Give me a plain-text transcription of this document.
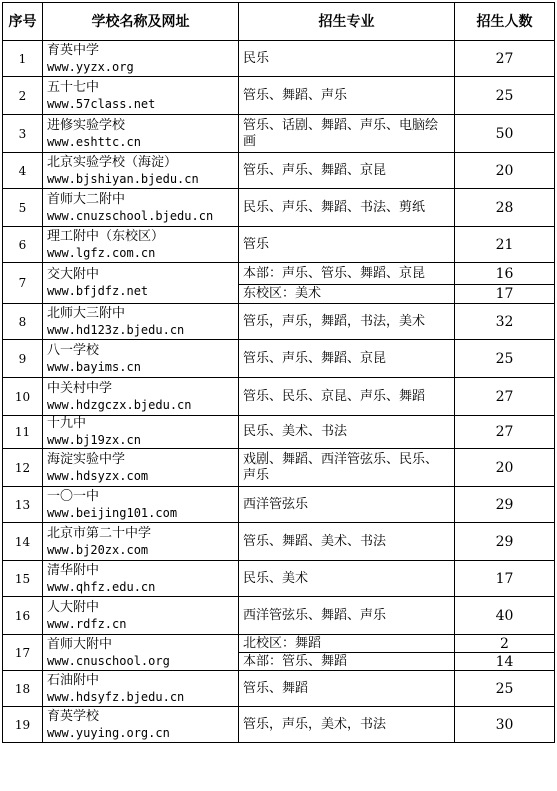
序号	学校名称及网址	招生专业	招生人数
1	育英中学
www.yyzx.org	民乐	27
2	五十七中
www.57class.net	管乐、舞蹈、声乐	25
3	进修实验学校
www.eshttc.cn	管乐、话剧、舞蹈、声乐、电脑绘画	50
4	北京实验学校（海淀）
www.bjshiyan.bjedu.cn	管乐、声乐、舞蹈、京昆	20
5	首师大二附中
www.cnuzschool.bjedu.cn	民乐、声乐、舞蹈、书法、剪纸	28
6	理工附中（东校区）
www.lgfz.com.cn	管乐	21
7	交大附中
www.bfjdfz.net	本部：声乐、管乐、舞蹈、京昆	16
		东校区：美术	17
8	北师大三附中
www.hd123z.bjedu.cn	管乐，声乐，舞蹈，书法，美术	32
9	八一学校
www.bayims.cn	管乐、声乐、舞蹈、京昆	25
10	中关村中学
www.hdzgczx.bjedu.cn	管乐、民乐、京昆、声乐、舞蹈	27
11	十九中
www.bj19zx.cn	民乐、美术、书法	27
12	海淀实验中学
www.hdsyzx.com	戏剧、舞蹈、西洋管弦乐、民乐、声乐	20
13	一〇一中
www.beijing101.com	西洋管弦乐	29
14	北京市第二十中学
www.bj20zx.com	管乐、舞蹈、美术、书法	29
15	清华附中
www.qhfz.edu.cn	民乐、美术	17
16	人大附中
www.rdfz.cn	西洋管弦乐、舞蹈、声乐	40
17	首师大附中
www.cnuschool.org	北校区：舞蹈	2
		本部：管乐、舞蹈	14
18	石油附中
www.hdsyfz.bjedu.cn	管乐、舞蹈	25
19	育英学校
www.yuying.org.cn	管乐，声乐，美术，书法	30
